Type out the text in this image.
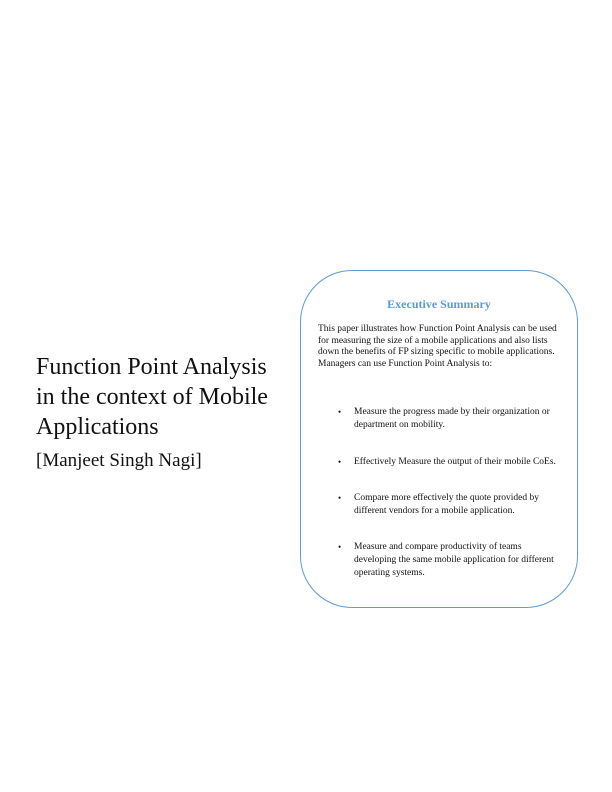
Function Point Analysis
in the context of Mobile
Applications

[Manjeet Singh Nagi]

Executive Summary

This paper illustrates how Function Point Analysis can be used for measuring the size of a mobile applications and also lists down the benefits of FP sizing specific to mobile applications. Managers can use Function Point Analysis to:

• Measure the progress made by their organization or department on mobility.
• Effectively Measure the output of their mobile CoEs.
• Compare more effectively the quote provided by different vendors for a mobile application.
• Measure and compare productivity of teams developing the same mobile application for different operating systems.
